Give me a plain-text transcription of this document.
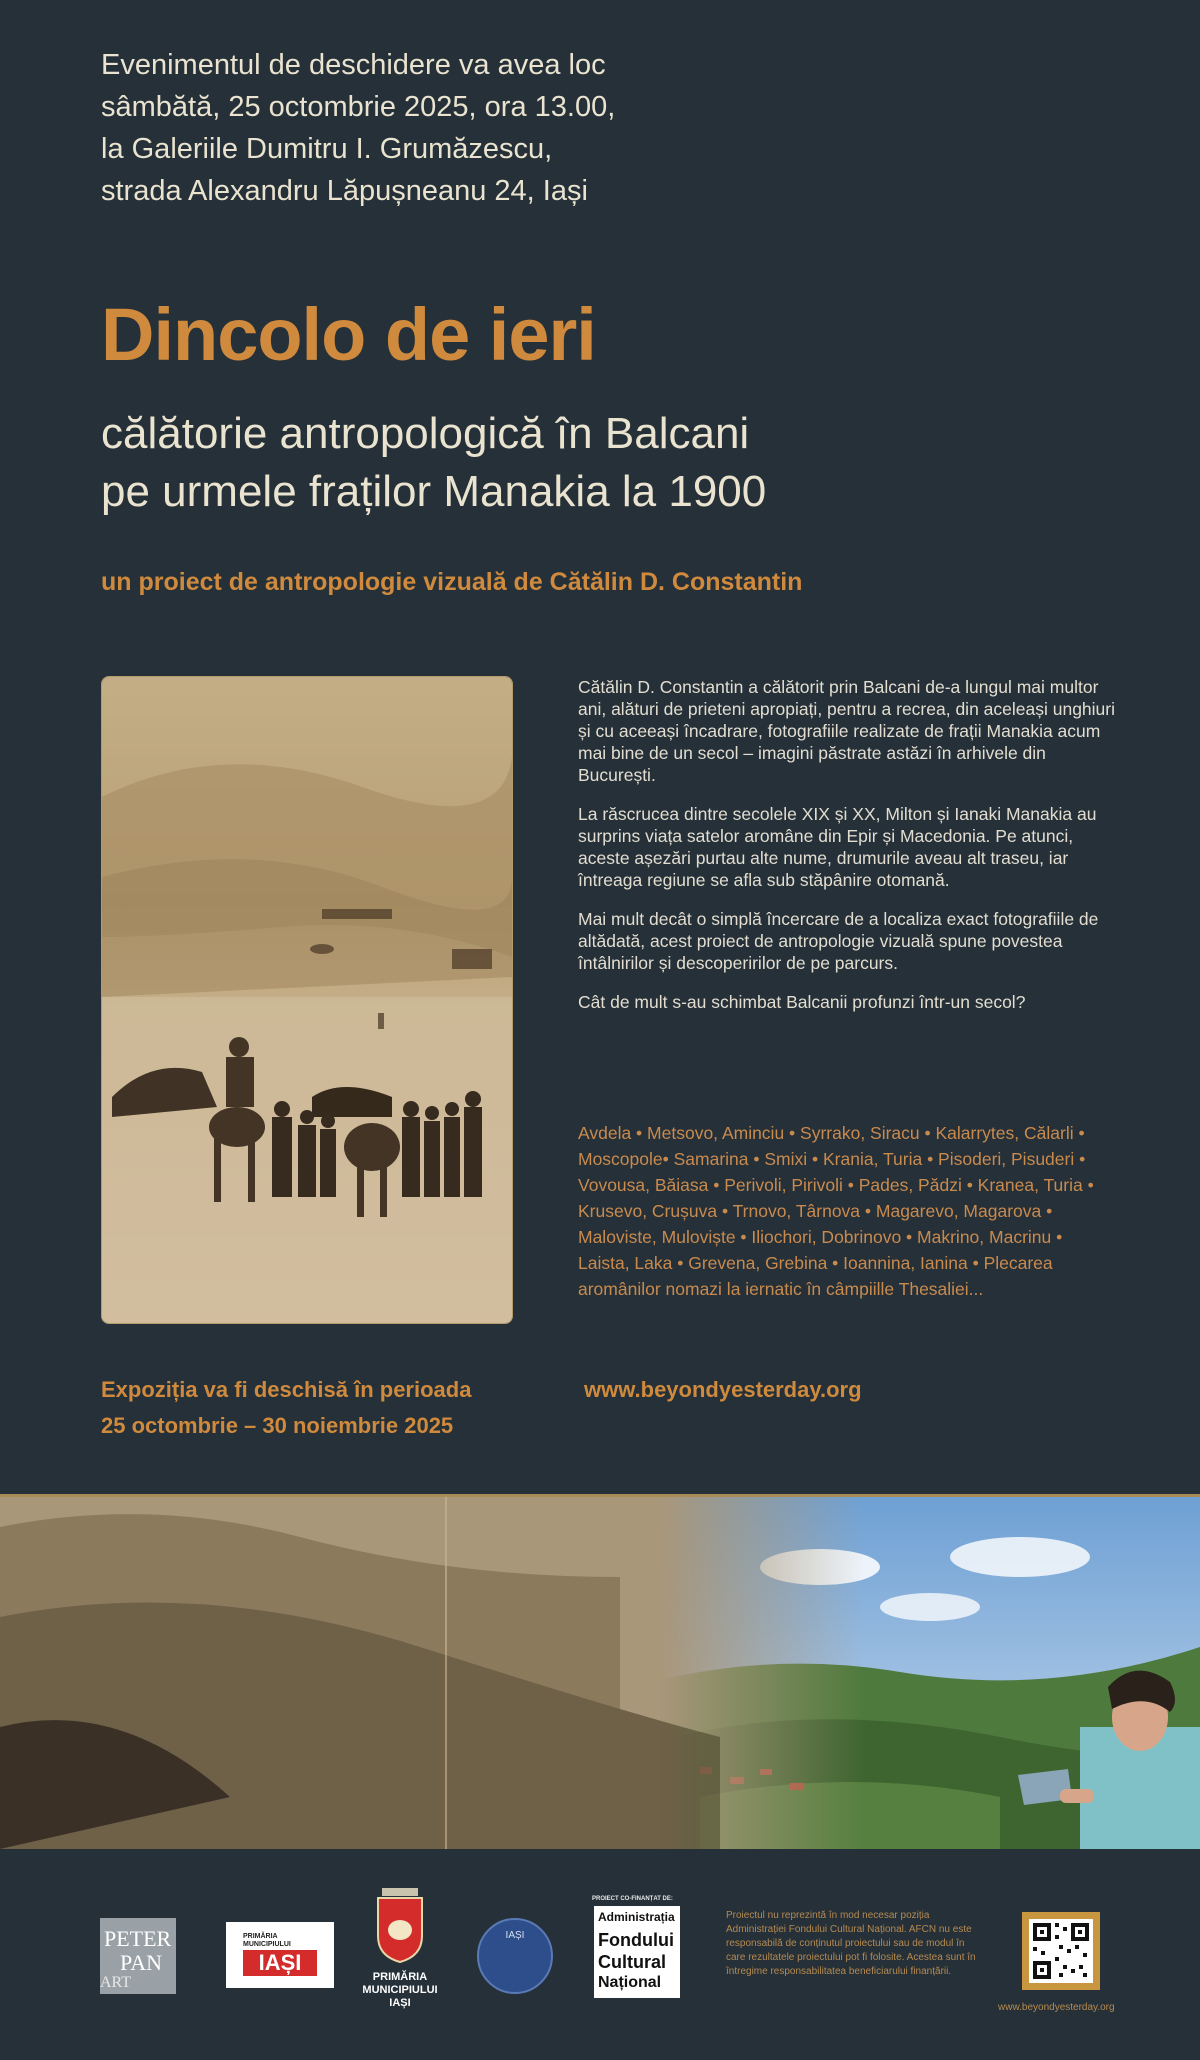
Evenimentul de deschidere va avea loc
sâmbătă, 25 octombrie 2025, ora 13.00,
la Galeriile Dumitru I. Grumăzescu,
strada Alexandru Lăpușneanu 24, Iași
Dincolo de ieri
călătorie antropologică în Balcani
pe urmele fraților Manakia la 1900
un proiect de antropologie vizuală de Cătălin D. Constantin

Cătălin D. Constantin a călătorit prin Balcani de-a lungul mai multor ani, alături de prieteni apropiați, pentru a recrea, din aceleași unghiuri și cu aceeași încadrare, fotografiile realizate de frații Manakia acum mai bine de un secol – imagini păstrate astăzi în arhivele din București.

La răscrucea dintre secolele XIX și XX, Milton și Ianaki Manakia au surprins viața satelor aromâne din Epir și Macedonia. Pe atunci, aceste așezări purtau alte nume, drumurile aveau alt traseu, iar întreaga regiune se afla sub stăpânire otomană.

Mai mult decât o simplă încercare de a localiza exact fotografiile de altădată, acest proiect de antropologie vizuală spune povestea întâlnirilor și descoperirilor de pe parcurs.

Cât de mult s-au schimbat Balcanii profunzi într-un secol?

Avdela • Metsovo, Aminciu • Syrrako, Siracu • Kalarrytes, Călarli • Moscopole• Samarina • Smixi • Krania, Turia • Pisoderi, Pisuderi • Vovousa, Băiasa • Perivoli, Pirivoli • Pades, Pădzi • Kranea, Turia • Krusevo, Crușuva • Trnovo, Târnova • Magarevo, Magarova • Maloviste, Muloviște • Iliochori, Dobrinovo • Makrino, Macrinu • Laista, Laka • Grevena, Grebina • Ioannina, Ianina • Plecarea aromânilor nomazi la iernatic în câmpiille Thesaliei...
Expoziția va fi deschisă în perioada
25 octombrie – 30 noiembrie 2025
www.beyondyesterday.org
PETER
PAN
ART
PRIMĂRIA MUNICIPIULUI
IAȘI
PRIMĂRIA MUNICIPIULUI IAȘI
IAȘI
PROIECT CO-FINANȚAT DE:
Administrația
Fondului
Cultural
Național
Proiectul nu reprezintă în mod necesar poziția Administrației Fondului Cultural Național. AFCN nu este responsabilă de conținutul proiectului sau de modul în care rezultatele proiectului pot fi folosite. Acestea sunt în întregime responsabilitatea beneficiarului finanțării.
www.beyondyesterday.org
